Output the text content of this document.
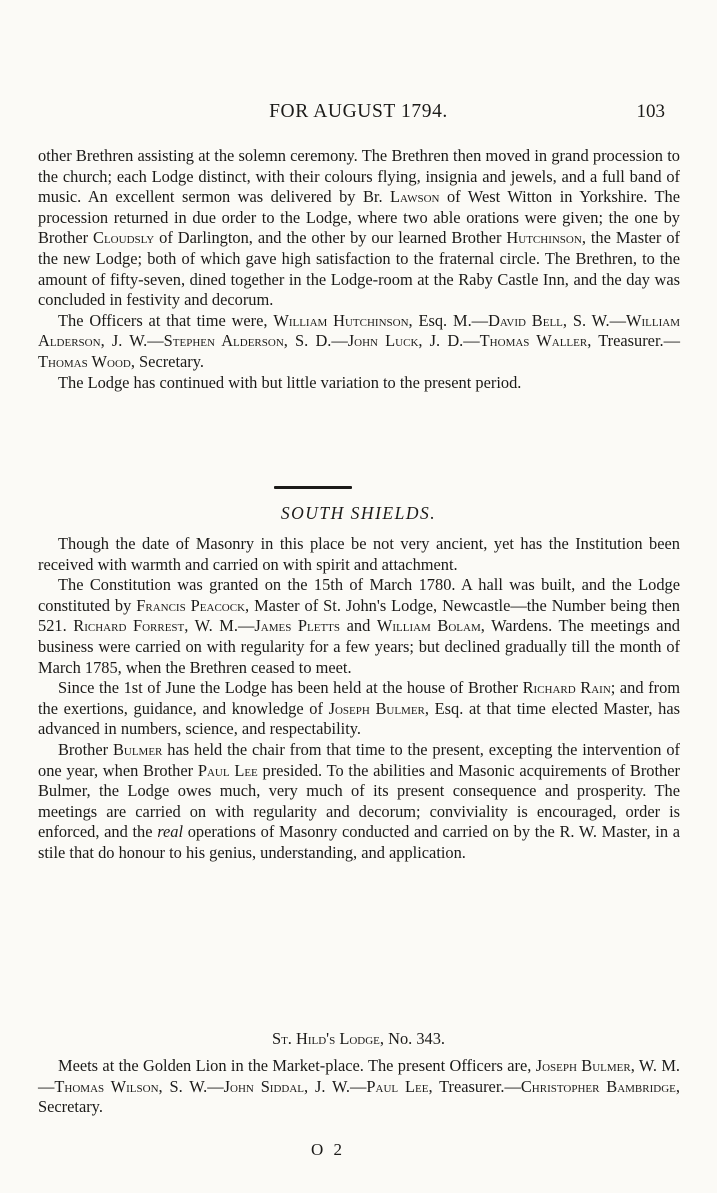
FOR AUGUST 1794.	103

other Brethren assisting at the solemn ceremony. The Brethren then moved in grand procession to the church; each Lodge distinct, with their colours flying, insignia and jewels, and a full band of music. An excellent sermon was delivered by Br. Lawson of West Witton in Yorkshire. The procession returned in due order to the Lodge, where two able orations were given; the one by Brother Cloudsly of Darlington, and the other by our learned Brother Hutchinson, the Master of the new Lodge; both of which gave high satisfaction to the fraternal circle. The Brethren, to the amount of fifty-seven, dined together in the Lodge-room at the Raby Castle Inn, and the day was concluded in festivity and decorum.

The Officers at that time were, William Hutchinson, Esq. M.—David Bell, S. W.—William Alderson, J. W.—Stephen Alderson, S. D.—John Luck, J. D.—Thomas Waller, Treasurer.—Thomas Wood, Secretary.

The Lodge has continued with but little variation to the present period.

SOUTH SHIELDS.

Though the date of Masonry in this place be not very ancient, yet has the Institution been received with warmth and carried on with spirit and attachment.

The Constitution was granted on the 15th of March 1780. A hall was built, and the Lodge constituted by Francis Peacock, Master of St. John's Lodge, Newcastle—the Number being then 521. Richard Forrest, W. M.—James Pletts and William Bolam, Wardens. The meetings and business were carried on with regularity for a few years; but declined gradually till the month of March 1785, when the Brethren ceased to meet.

Since the 1st of June the Lodge has been held at the house of Brother Richard Rain; and from the exertions, guidance, and knowledge of Joseph Bulmer, Esq. at that time elected Master, has advanced in numbers, science, and respectability.

Brother Bulmer has held the chair from that time to the present, excepting the intervention of one year, when Brother Paul Lee presided. To the abilities and Masonic acquirements of Brother Bulmer, the Lodge owes much, very much of its present consequence and prosperity. The meetings are carried on with regularity and decorum; conviviality is encouraged, order is enforced, and the real operations of Masonry conducted and carried on by the R. W. Master, in a stile that do honour to his genius, understanding, and application.

St. Hild's Lodge, No. 343.

Meets at the Golden Lion in the Market-place. The present Officers are, Joseph Bulmer, W. M.—Thomas Wilson, S. W.—John Siddal, J. W.—Paul Lee, Treasurer.—Christopher Bambridge, Secretary.

O 2
